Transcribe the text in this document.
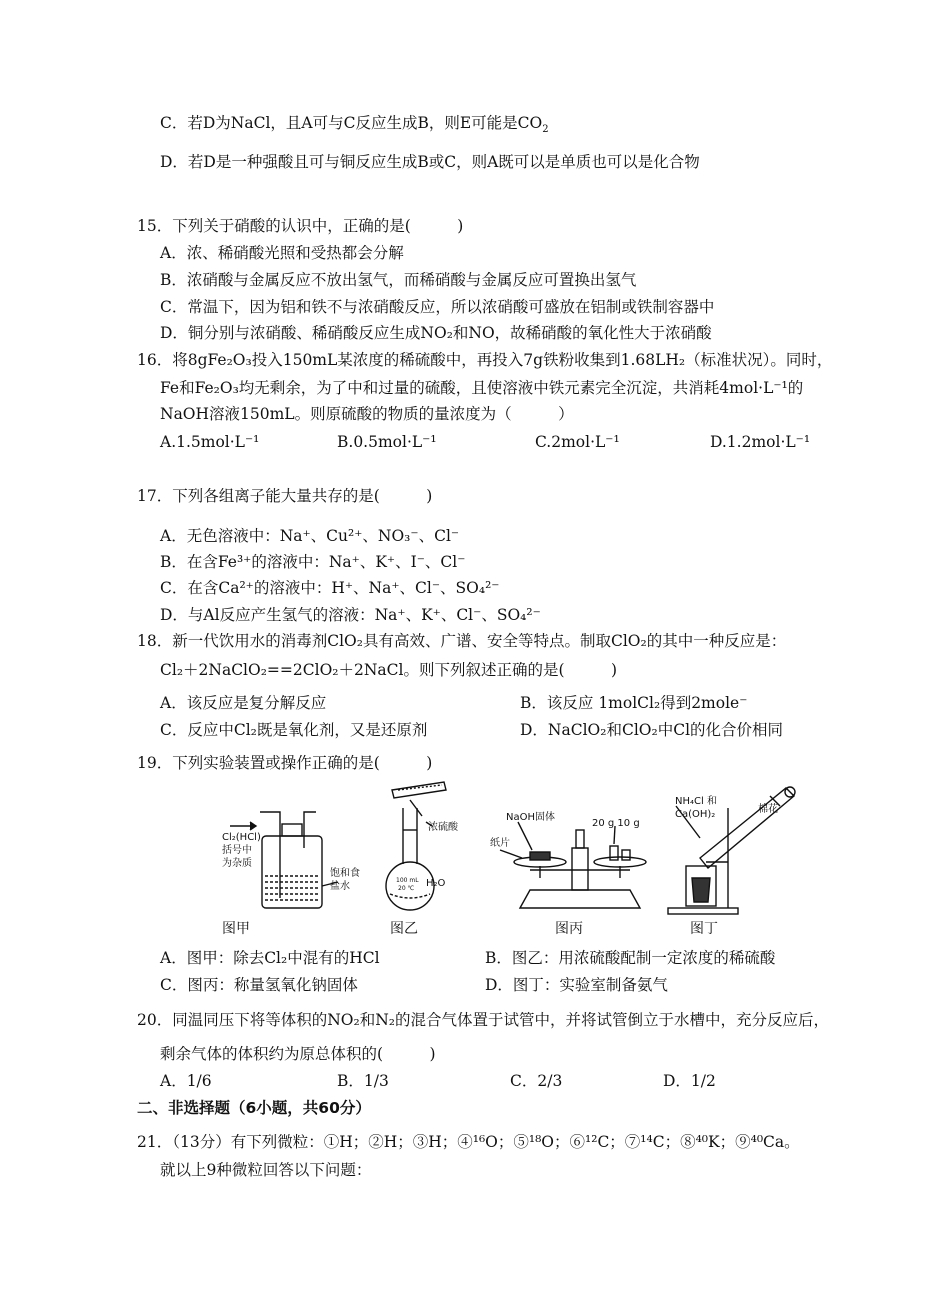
C．若D为NaCl，且A可与C反应生成B，则E可能是$CO_2$
D．若D是一种强酸且可与铜反应生成B或C，则A既可以是单质也可以是化合物
15．下列关于硝酸的认识中，正确的是(　　　)
A．浓、稀硝酸光照和受热都会分解
B．浓硝酸与金属反应不放出氢气，而稀硝酸与金属反应可置换出氢气
C．常温下，因为铝和铁不与浓硝酸反应，所以浓硝酸可盛放在铝制或铁制容器中
D．铜分别与浓硝酸、稀硝酸反应生成NO₂和NO，故稀硝酸的氧化性大于浓硝酸
16．将8gFe₂O₃投入150mL某浓度的稀硫酸中，再投入7g铁粉收集到1.68LH₂（标准状况）。同时，
Fe和Fe₂O₃均无剩余，为了中和过量的硫酸，且使溶液中铁元素完全沉淀，共消耗4mol·L⁻¹的
NaOH溶液150mL。则原硫酸的物质的量浓度为（　　　）
A.1.5mol·L⁻¹	B.0.5mol·L⁻¹	C.2mol·L⁻¹	D.1.2mol·L⁻¹
17．下列各组离子能大量共存的是(　　　)
A．无色溶液中：Na⁺、Cu²⁺、NO₃⁻、Cl⁻
B．在含Fe³⁺的溶液中：Na⁺、K⁺、I⁻、Cl⁻
C．在含Ca²⁺的溶液中：H⁺、Na⁺、Cl⁻、SO₄²⁻
D．与Al反应产生氢气的溶液：Na⁺、K⁺、Cl⁻、SO₄²⁻
18．新一代饮用水的消毒剂ClO₂具有高效、广谱、安全等特点。制取ClO₂的其中一种反应是：
Cl₂＋2NaClO₂==2ClO₂＋2NaCl。则下列叙述正确的是(　　　)
A．该反应是复分解反应	B．该反应 1molCl₂得到2mole⁻
C．反应中Cl₂既是氧化剂，又是还原剂	D．NaClO₂和ClO₂中Cl的化合价相同
19．下列实验装置或操作正确的是(　　　)
Cl₂(HCl)
括号中
为杂质
饱和食
盐水
浓硫酸
100 mL
20 ℃ H₂O
NaOH固体
20 g 10 g
纸片
NH₄Cl 和
Ca(OH)₂	棉花
图甲	图乙	图丙	图丁
A．图甲：除去Cl₂中混有的HCl	B．图乙：用浓硫酸配制一定浓度的稀硫酸
C．图丙：称量氢氧化钠固体	D．图丁：实验室制备氨气
20．同温同压下将等体积的NO₂和N₂的混合气体置于试管中，并将试管倒立于水槽中，充分反应后，
剩余气体的体积约为原总体积的(　　　)
A．1/6	B．1/3	C．2/3	D．1/2
二、非选择题（6小题，共60分）
21．（13分）有下列微粒：①H；②H；③H；④¹⁶O；⑤¹⁸O；⑥¹²C；⑦¹⁴C；⑧⁴⁰K；⑨⁴⁰Ca。
就以上9种微粒回答以下问题：
